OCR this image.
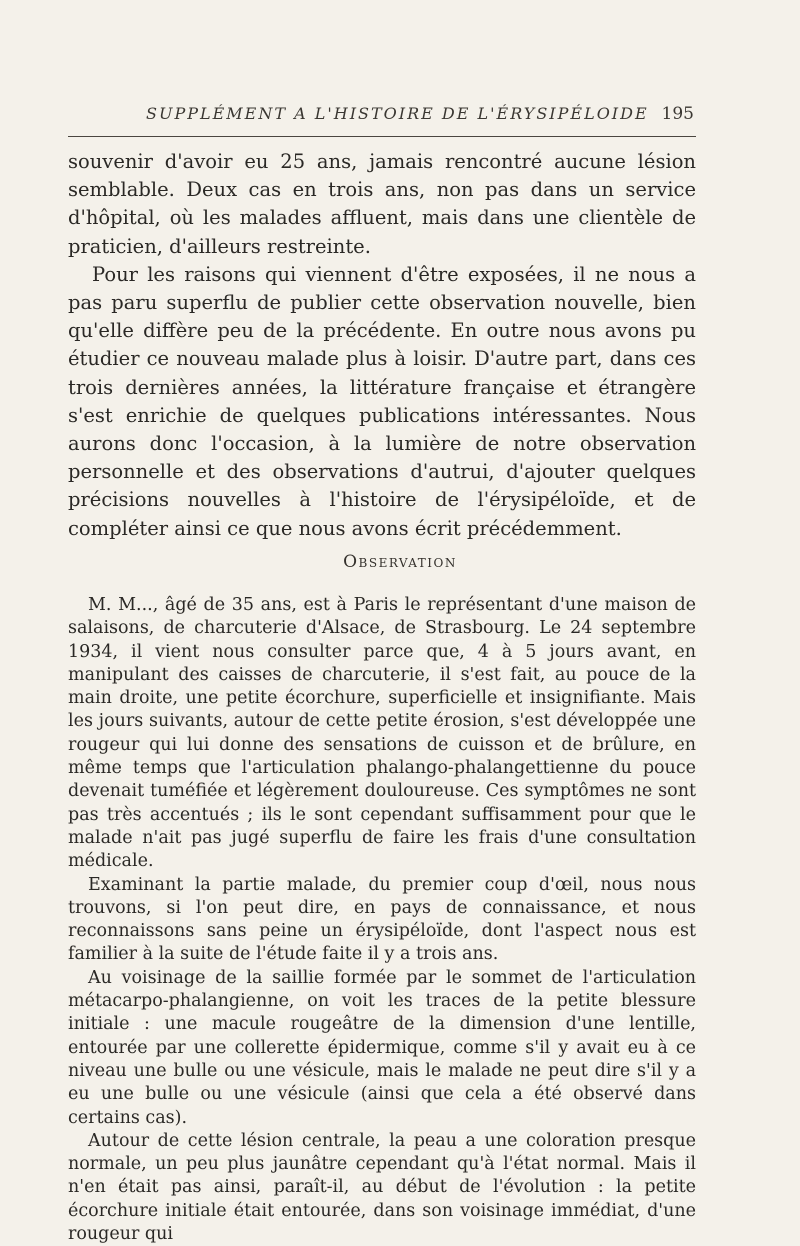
SUPPLÉMENT A L'HISTOIRE DE L'ÉRYSIPÉLOIDE 195

souvenir d'avoir eu 25 ans, jamais rencontré aucune lésion semblable. Deux cas en trois ans, non pas dans un service d'hôpital, où les malades affluent, mais dans une clientèle de praticien, d'ailleurs restreinte.

Pour les raisons qui viennent d'être exposées, il ne nous a pas paru superflu de publier cette observation nouvelle, bien qu'elle diffère peu de la précédente. En outre nous avons pu étudier ce nouveau malade plus à loisir. D'autre part, dans ces trois dernières années, la littérature française et étrangère s'est enrichie de quelques publications intéressantes. Nous aurons donc l'occasion, à la lumière de notre observation personnelle et des observations d'autrui, d'ajouter quelques précisions nouvelles à l'histoire de l'érysipéloïde, et de compléter ainsi ce que nous avons écrit précédemment.

Observation

M. M..., âgé de 35 ans, est à Paris le représentant d'une maison de salaisons, de charcuterie d'Alsace, de Strasbourg. Le 24 septembre 1934, il vient nous consulter parce que, 4 à 5 jours avant, en manipulant des caisses de charcuterie, il s'est fait, au pouce de la main droite, une petite écorchure, superficielle et insignifiante. Mais les jours suivants, autour de cette petite érosion, s'est développée une rougeur qui lui donne des sensations de cuisson et de brûlure, en même temps que l'articulation phalango-phalangettienne du pouce devenait tuméfiée et légèrement douloureuse. Ces symptômes ne sont pas très accentués ; ils le sont cependant suffisamment pour que le malade n'ait pas jugé superflu de faire les frais d'une consultation médicale.

Examinant la partie malade, du premier coup d'œil, nous nous trouvons, si l'on peut dire, en pays de connaissance, et nous reconnaissons sans peine un érysipéloïde, dont l'aspect nous est familier à la suite de l'étude faite il y a trois ans.

Au voisinage de la saillie formée par le sommet de l'articulation métacarpo-phalangienne, on voit les traces de la petite blessure initiale : une macule rougeâtre de la dimension d'une lentille, entourée par une collerette épidermique, comme s'il y avait eu à ce niveau une bulle ou une vésicule, mais le malade ne peut dire s'il y a eu une bulle ou une vésicule (ainsi que cela a été observé dans certains cas).

Autour de cette lésion centrale, la peau a une coloration presque normale, un peu plus jaunâtre cependant qu'à l'état normal. Mais il n'en était pas ainsi, paraît-il, au début de l'évolution : la petite écorchure initiale était entourée, dans son voisinage immédiat, d'une rougeur qui
